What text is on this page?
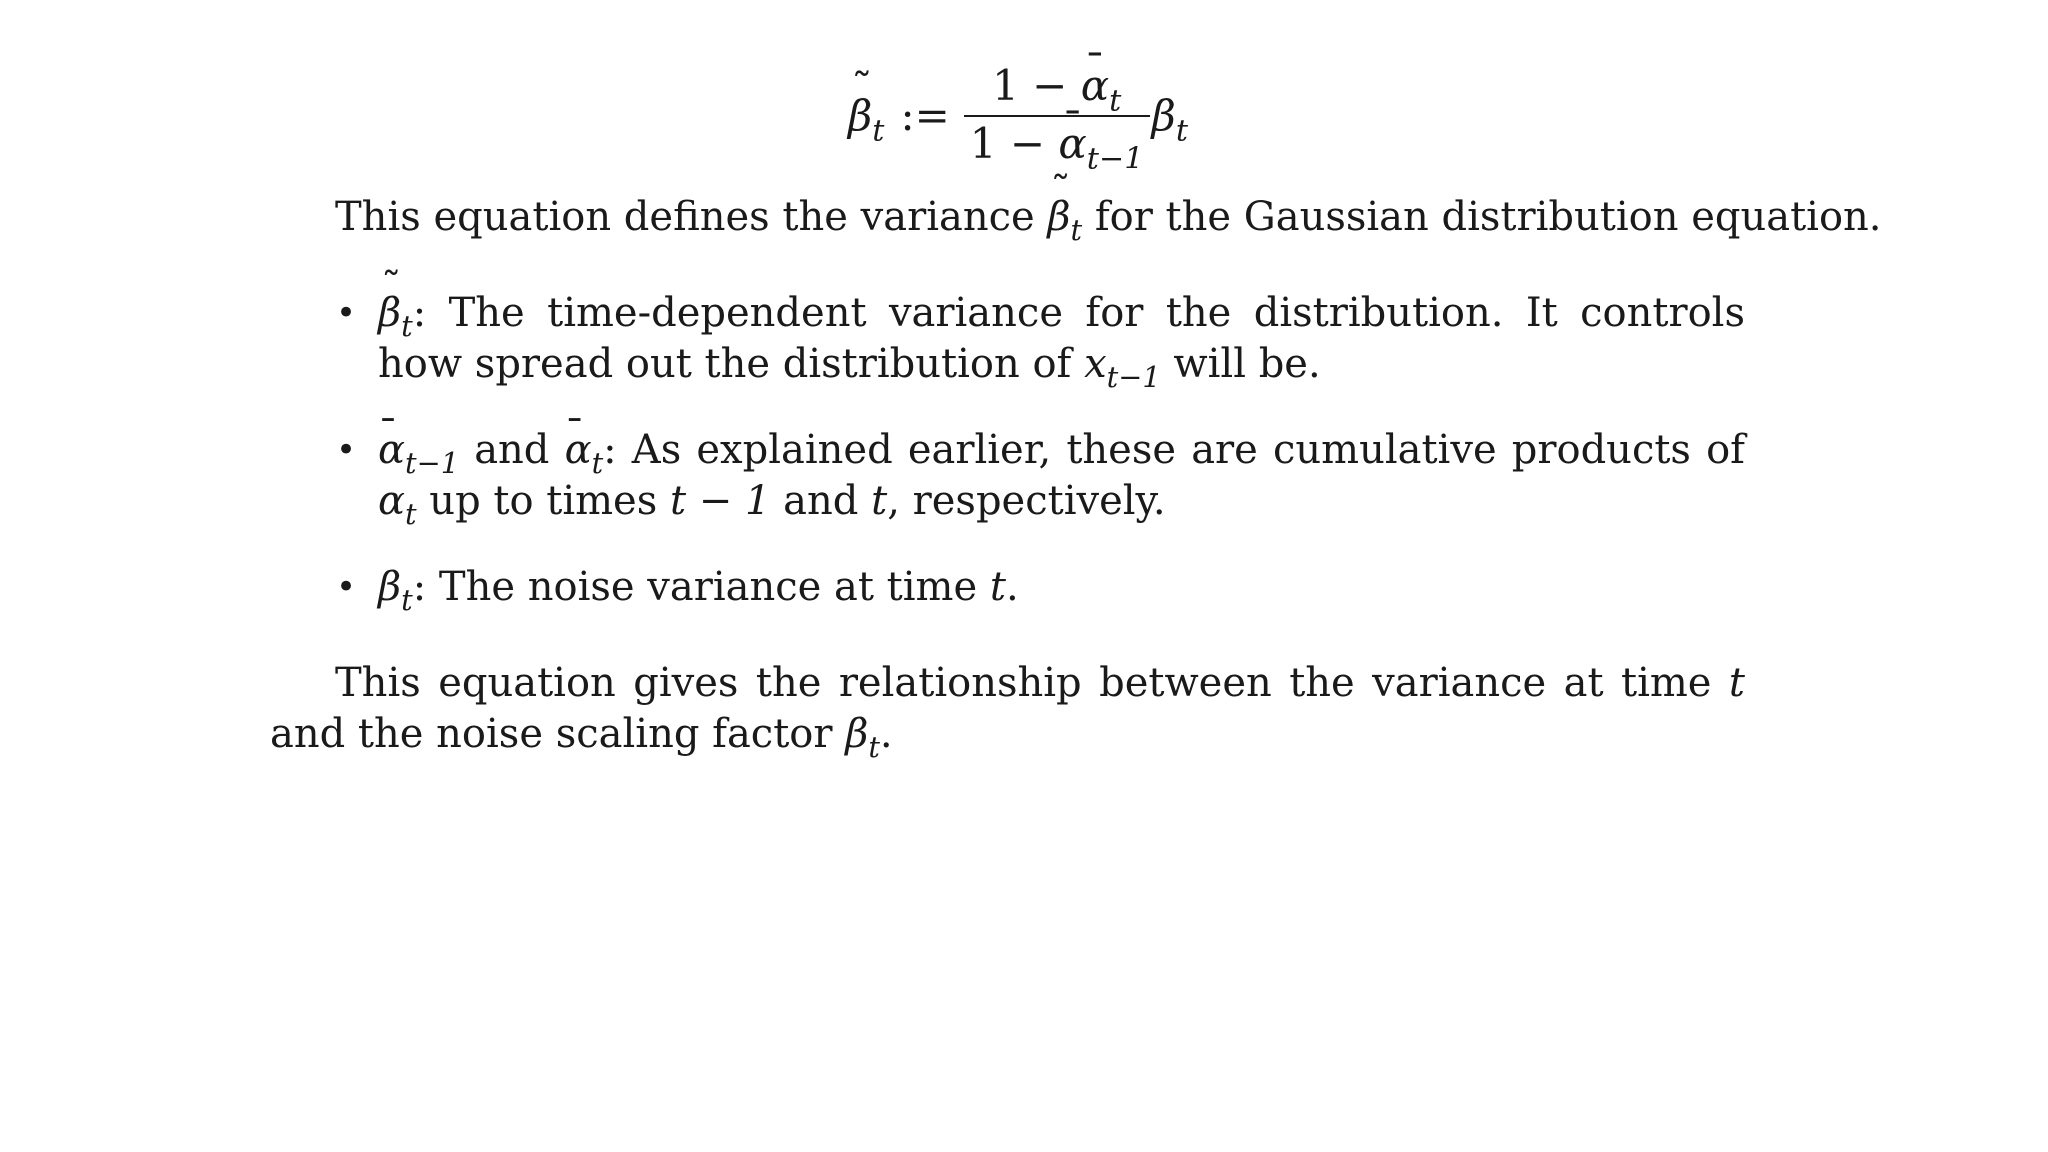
˜ $\beta_t$ := $\frac{1 - ¯ \alpha_t}{1 - ¯ \alpha_{t-1}} \beta_t$
This equation defines the variance ˜ $\beta_t$ for the Gaussian distribution equation.
• ˜ $\beta_t$: The time-dependent variance for the distribution. It controls how spread out the distribution of $x_{t-1}$ will be.
• ¯ $\alpha_{t-1}$ and ¯ $\alpha_t$: As explained earlier, these are cumulative products of $\alpha_t$ up to times t − 1 and t, respectively.
• $\beta_t$: The noise variance at time t.
This equation gives the relationship between the variance at time t and the noise scaling factor $\beta_t$.
